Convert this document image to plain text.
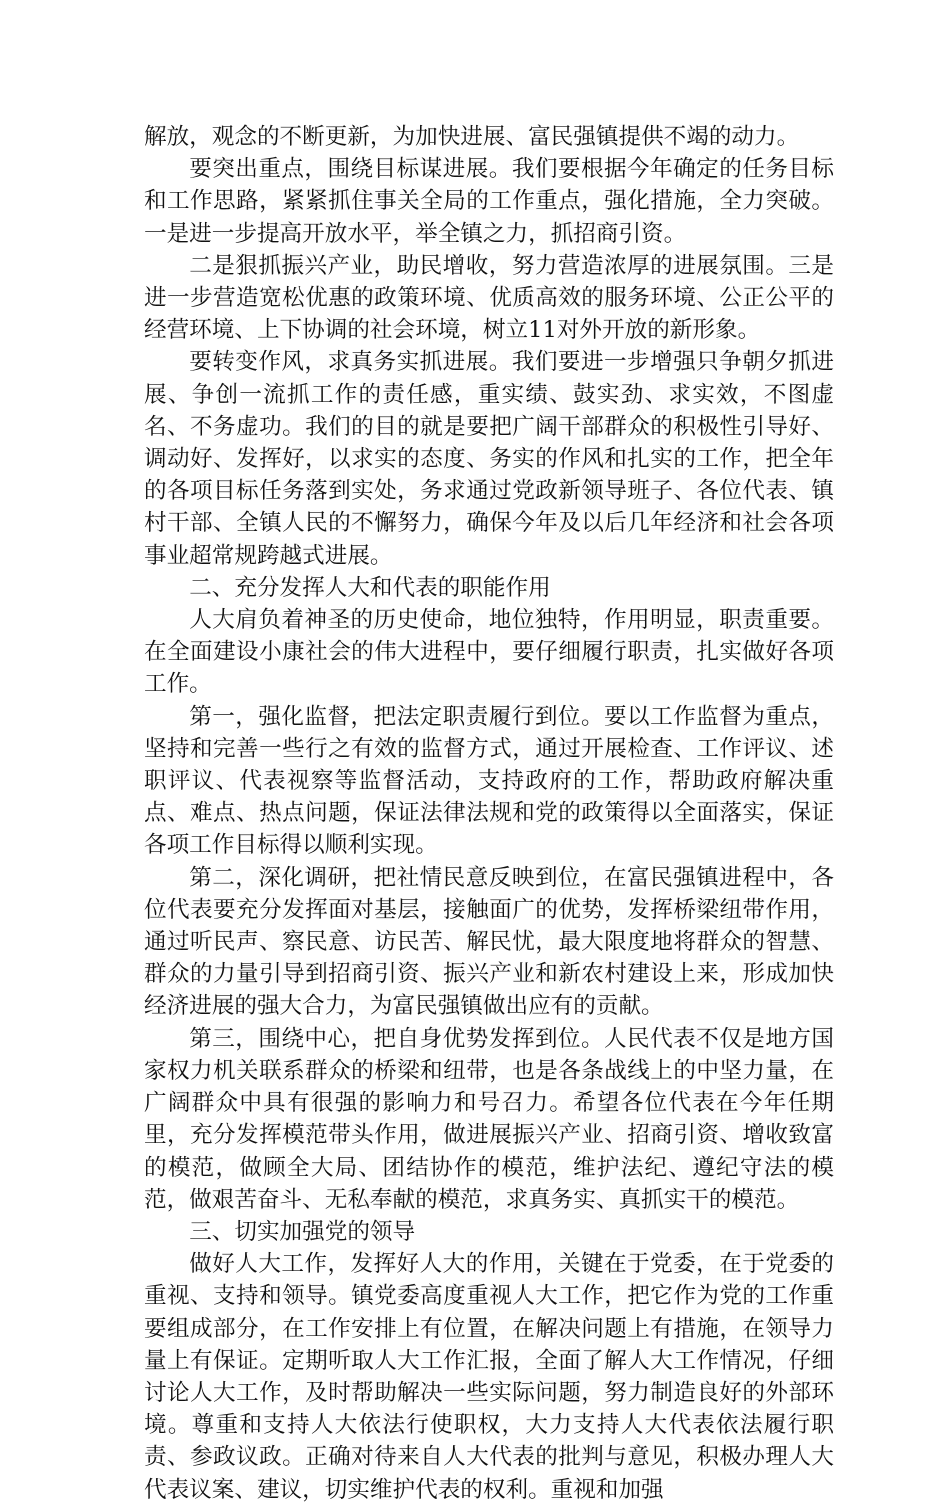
解放，观念的不断更新，为加快进展、富民强镇提供不竭的动力。

要突出重点，围绕目标谋进展。我们要根据今年确定的任务目标和工作思路，紧紧抓住事关全局的工作重点，强化措施，全力突破。一是进一步提高开放水平，举全镇之力，抓招商引资。

二是狠抓振兴产业，助民增收，努力营造浓厚的进展氛围。三是进一步营造宽松优惠的政策环境、优质高效的服务环境、公正公平的经营环境、上下协调的社会环境，树立11对外开放的新形象。

要转变作风，求真务实抓进展。我们要进一步增强只争朝夕抓进展、争创一流抓工作的责任感，重实绩、鼓实劲、求实效，不图虚名、不务虚功。我们的目的就是要把广阔干部群众的积极性引导好、调动好、发挥好，以求实的态度、务实的作风和扎实的工作，把全年的各项目标任务落到实处，务求通过党政新领导班子、各位代表、镇村干部、全镇人民的不懈努力，确保今年及以后几年经济和社会各项事业超常规跨越式进展。

二、充分发挥人大和代表的职能作用

人大肩负着神圣的历史使命，地位独特，作用明显，职责重要。在全面建设小康社会的伟大进程中，要仔细履行职责，扎实做好各项工作。

第一，强化监督，把法定职责履行到位。要以工作监督为重点，坚持和完善一些行之有效的监督方式，通过开展检查、工作评议、述职评议、代表视察等监督活动，支持政府的工作，帮助政府解决重点、难点、热点问题，保证法律法规和党的政策得以全面落实，保证各项工作目标得以顺利实现。

第二，深化调研，把社情民意反映到位，在富民强镇进程中，各位代表要充分发挥面对基层，接触面广的优势，发挥桥梁纽带作用，通过听民声、察民意、访民苦、解民忧，最大限度地将群众的智慧、群众的力量引导到招商引资、振兴产业和新农村建设上来，形成加快经济进展的强大合力，为富民强镇做出应有的贡献。

第三，围绕中心，把自身优势发挥到位。人民代表不仅是地方国家权力机关联系群众的桥梁和纽带，也是各条战线上的中坚力量，在广阔群众中具有很强的影响力和号召力。希望各位代表在今年任期里，充分发挥模范带头作用，做进展振兴产业、招商引资、增收致富的模范，做顾全大局、团结协作的模范，维护法纪、遵纪守法的模范，做艰苦奋斗、无私奉献的模范，求真务实、真抓实干的模范。

三、切实加强党的领导

做好人大工作，发挥好人大的作用，关键在于党委，在于党委的重视、支持和领导。镇党委高度重视人大工作，把它作为党的工作重要组成部分，在工作安排上有位置，在解决问题上有措施，在领导力量上有保证。定期听取人大工作汇报，全面了解人大工作情况，仔细讨论人大工作，及时帮助解决一些实际问题，努力制造良好的外部环境。尊重和支持人大依法行使职权，大力支持人大代表依法履行职责、参政议政。正确对待来自人大代表的批判与意见，积极办理人大代表议案、建议，切实维护代表的权利。重视和加强
